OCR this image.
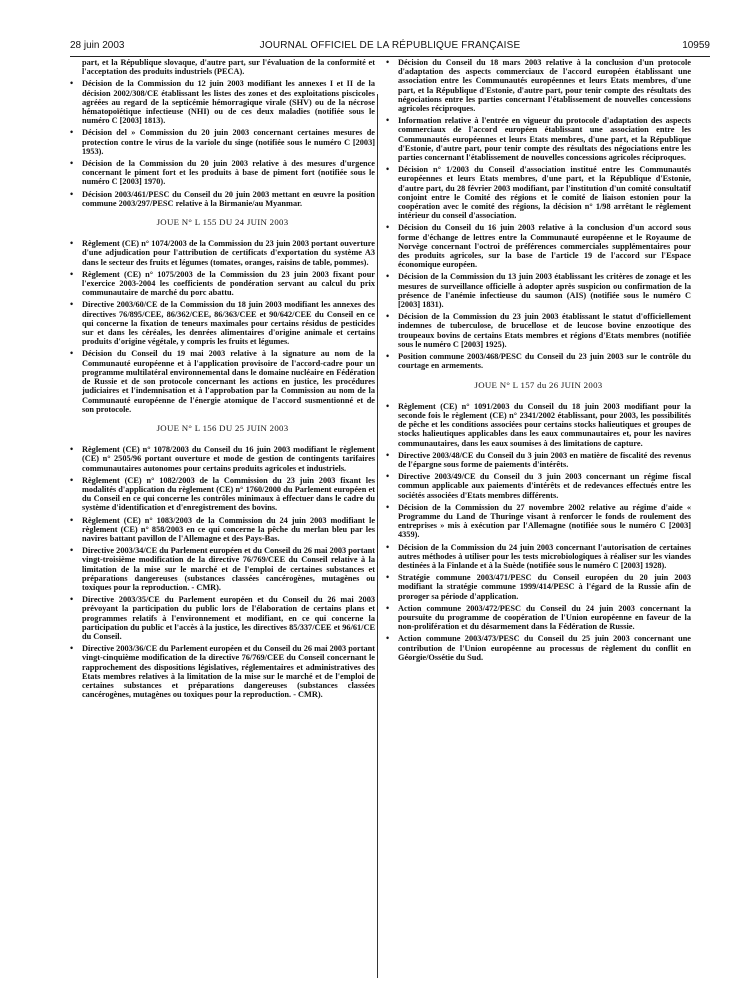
28 juin 2003	JOURNAL OFFICIEL DE LA RÉPUBLIQUE FRANÇAISE	10959

part, et la République slovaque, d'autre part, sur l'évaluation de la conformité et l'acceptation des produits industriels (PECA).

• Décision de la Commission du 12 juin 2003 modifiant les annexes I et II de la décision 2002/308/CE établissant les listes des zones et des exploitations piscicoles agréées au regard de la septicémie hémorragique virale (SHV) ou de la nécrose hématopoïétique infectieuse (NHI) ou de ces deux maladies (notifiée sous le numéro C [2003] 1813).

• Décision del » Commission du 20 juin 2003 concernant certaines mesures de protection contre le virus de la variole du singe (notifiée sous le numéro C [2003] 1953).

• Décision de la Commission du 20 juin 2003 relative à des mesures d'urgence concernant le piment fort et les produits à base de piment fort (notifiée sous le numéro C [2003] 1970).

• Décision 2003/461/PESC du Conseil du 20 juin 2003 mettant en œuvre la position commune 2003/297/PESC relative à la Birmanie/au Myanmar.

JOUE N° L 155 DU 24 JUIN 2003

• Règlement (CE) n° 1074/2003 de la Commission du 23 juin 2003 portant ouverture d'une adjudication pour l'attribution de certificats d'exportation du système A3 dans le secteur des fruits et légumes (tomates, oranges, raisins de table, pommes).

• Règlement (CE) n° 1075/2003 de la Commission du 23 juin 2003 fixant pour l'exercice 2003-2004 les coefficients de pondération servant au calcul du prix communautaire de marché du porc abattu.

• Directive 2003/60/CE de la Commission du 18 juin 2003 modifiant les annexes des directives 76/895/CEE, 86/362/CEE, 86/363/CEE et 90/642/CEE du Conseil en ce qui concerne la fixation de teneurs maximales pour certains résidus de pesticides sur et dans les céréales, les denrées alimentaires d'origine animale et certains produits d'origine végétale, y compris les fruits et légumes.

• Décision du Conseil du 19 mai 2003 relative à la signature au nom de la Communauté européenne et à l'application provisoire de l'accord-cadre pour un programme multilatéral environnemental dans le domaine nucléaire en Fédération de Russie et de son protocole concernant les actions en justice, les procédures judiciaires et l'indemnisation et à l'approbation par la Commission au nom de la Communauté européenne de l'énergie atomique de l'accord susmentionné et de son protocole.

JOUE N° L 156 DU 25 JUIN 2003

• Règlement (CE) n° 1078/2003 du Conseil du 16 juin 2003 modifiant le règlement (CE) n° 2505/96 portant ouverture et mode de gestion de contingents tarifaires communautaires autonomes pour certains produits agricoles et industriels.

• Règlement (CE) n° 1082/2003 de la Commission du 23 juin 2003 fixant les modalités d'application du règlement (CE) n° 1760/2000 du Parlement européen et du Conseil en ce qui concerne les contrôles minimaux à effectuer dans le cadre du système d'identification et d'enregistrement des bovins.

• Règlement (CE) n° 1083/2003 de la Commission du 24 juin 2003 modifiant le règlement (CE) n° 858/2003 en ce qui concerne la pêche du merlan bleu par les navires battant pavillon de l'Allemagne et des Pays-Bas.

• Directive 2003/34/CE du Parlement européen et du Conseil du 26 mai 2003 portant vingt-troisième modification de la directive 76/769/CEE du Conseil relative à la limitation de la mise sur le marché et de l'emploi de certaines substances et préparations dangereuses (substances classées cancérogènes, mutagènes ou toxiques pour la reproduction. - CMR).

• Directive 2003/35/CE du Parlement européen et du Conseil du 26 mai 2003 prévoyant la participation du public lors de l'élaboration de certains plans et programmes relatifs à l'environnement et modifiant, en ce qui concerne la participation du public et l'accès à la justice, les directives 85/337/CEE et 96/61/CE du Conseil.

• Directive 2003/36/CE du Parlement européen et du Conseil du 26 mai 2003 portant vingt-cinquième modification de la directive 76/769/CEE du Conseil concernant le rapprochement des dispositions législatives, réglementaires et administratives des Etats membres relatives à la limitation de la mise sur le marché et de l'emploi de certaines substances et préparations dangereuses (substances classées cancérogènes, mutagènes ou toxiques pour la reproduction. - CMR).

• Décision du Conseil du 18 mars 2003 relative à la conclusion d'un protocole d'adaptation des aspects commerciaux de l'accord européen établissant une association entre les Communautés européennes et leurs Etats membres, d'une part, et la République d'Estonie, d'autre part, pour tenir compte des résultats des négociations entre les parties concernant l'établissement de nouvelles concessions agricoles réciproques.

• Information relative à l'entrée en vigueur du protocole d'adaptation des aspects commerciaux de l'accord européen établissant une association entre les Communautés européennes et leurs Etats membres, d'une part, et la République d'Estonie, d'autre part, pour tenir compte des résultats des négociations entre les parties concernant l'établissement de nouvelles concessions agricoles réciproques.

• Décision n° 1/2003 du Conseil d'association institué entre les Communautés européennes et leurs Etats membres, d'une part, et la République d'Estonie, d'autre part, du 28 février 2003 modifiant, par l'institution d'un comité consultatif conjoint entre le Comité des régions et le comité de liaison estonien pour la coopération avec le comité des régions, la décision n° 1/98 arrêtant le règlement intérieur du conseil d'association.

• Décision du Conseil du 16 juin 2003 relative à la conclusion d'un accord sous forme d'échange de lettres entre la Communauté européenne et le Royaume de Norvège concernant l'octroi de préférences commerciales supplémentaires pour des produits agricoles, sur la base de l'article 19 de l'accord sur l'Espace économique européen.

• Décision de la Commission du 13 juin 2003 établissant les critères de zonage et les mesures de surveillance officielle à adopter après suspicion ou confirmation de la présence de l'anémie infectieuse du saumon (AIS) (notifiée sous le numéro C [2003] 1831).

• Décision de la Commission du 23 juin 2003 établissant le statut d'officiellement indemnes de tuberculose, de brucellose et de leucose bovine enzootique des troupeaux bovins de certains Etats membres et régions d'Etats membres (notifiée sous le numéro C [2003] 1925).

• Position commune 2003/468/PESC du Conseil du 23 juin 2003 sur le contrôle du courtage en armements.

JOUE N° L 157 du 26 JUIN 2003

• Règlement (CE) n° 1091/2003 du Conseil du 18 juin 2003 modifiant pour la seconde fois le règlement (CE) n° 2341/2002 établissant, pour 2003, les possibilités de pêche et les conditions associées pour certains stocks halieutiques et groupes de stocks halieutiques applicables dans les eaux communautaires et, pour les navires communautaires, dans les eaux soumises à des limitations de capture.

• Directive 2003/48/CE du Conseil du 3 juin 2003 en matière de fiscalité des revenus de l'épargne sous forme de paiements d'intérêts.

• Directive 2003/49/CE du Conseil du 3 juin 2003 concernant un régime fiscal commun applicable aux paiements d'intérêts et de redevances effectués entre les sociétés associées d'Etats membres différents.

• Décision de la Commission du 27 novembre 2002 relative au régime d'aide « Programme du Land de Thuringe visant à renforcer le fonds de roulement des entreprises » mis à exécution par l'Allemagne (notifiée sous le numéro C [2003] 4359).

• Décision de la Commission du 24 juin 2003 concernant l'autorisation de certaines autres méthodes à utiliser pour les tests microbiologiques à réaliser sur les viandes destinées à la Finlande et à la Suède (notifiée sous le numéro C [2003] 1928).

• Stratégie commune 2003/471/PESC du Conseil européen du 20 juin 2003 modifiant la stratégie commune 1999/414/PESC à l'égard de la Russie afin de proroger sa période d'application.

• Action commune 2003/472/PESC du Conseil du 24 juin 2003 concernant la poursuite du programme de coopération de l'Union européenne en faveur de la non-prolifération et du désarmement dans la Fédération de Russie.

• Action commune 2003/473/PESC du Conseil du 25 juin 2003 concernant une contribution de l'Union européenne au processus de règlement du conflit en Géorgie/Ossétie du Sud.
